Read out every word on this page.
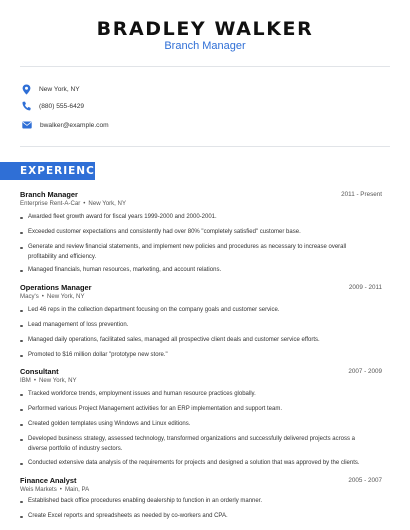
BRADLEY WALKER
Branch Manager
New York, NY
(880) 555-6429
bwalker@example.com
EXPERIENCE
Branch Manager	2011 - Present
Enterprise Rent-A-Car • New York, NY
Awarded fleet growth award for fiscal years 1999-2000 and 2000-2001.
Exceeded customer expectations and consistently had over 80% "completely satisfied" customer base.
Generate and review financial statements, and implement new policies and procedures as necessary to increase overall profitability and efficiency.
Managed financials, human resources, marketing, and account relations.
Operations Manager	2009 - 2011
Macy's • New York, NY
Led 46 reps in the collection department focusing on the company goals and customer service.
Lead management of loss prevention.
Managed daily operations, facilitated sales, managed all prospective client deals and customer service efforts.
Promoted to $16 million dollar "prototype new store."
Consultant	2007 - 2009
IBM • New York, NY
Tracked workforce trends, employment issues and human resource practices globally.
Performed various Project Management activities for an ERP implementation and support team.
Created golden templates using Windows and Linux editions.
Developed business strategy, assessed technology, transformed organizations and successfully delivered projects across a diverse portfolio of industry sectors.
Conducted extensive data analysis of the requirements for projects and designed a solution that was approved by the clients.
Finance Analyst	2005 - 2007
Weis Markets • Main, PA
Established back office procedures enabling dealership to function in an orderly manner.
Create Excel reports and spreadsheets as needed by co-workers and CPA.
